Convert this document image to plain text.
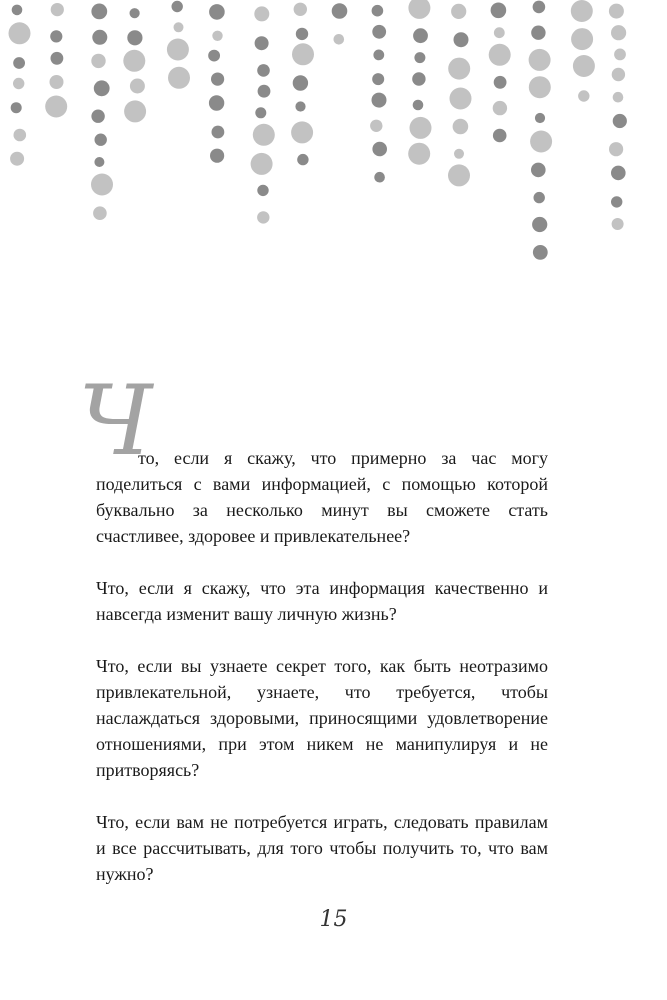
Ч

то, если я скажу, что примерно за час могу поделиться с вами информацией, с помощью которой буквально за несколько минут вы сможете стать счастливее, здоровее и привлекательнее?

Что, если я скажу, что эта информация качественно и навсегда изменит вашу личную жизнь?

Что, если вы узнаете секрет того, как быть неотразимо привлекательной, узнаете, что требуется, чтобы наслаждаться здоровыми, приносящими удовлетворение отношениями, при этом никем не манипулируя и не притворяясь?

Что, если вам не потребуется играть, следовать правилам и все рассчитывать, для того чтобы получить то, что вам нужно?

15
